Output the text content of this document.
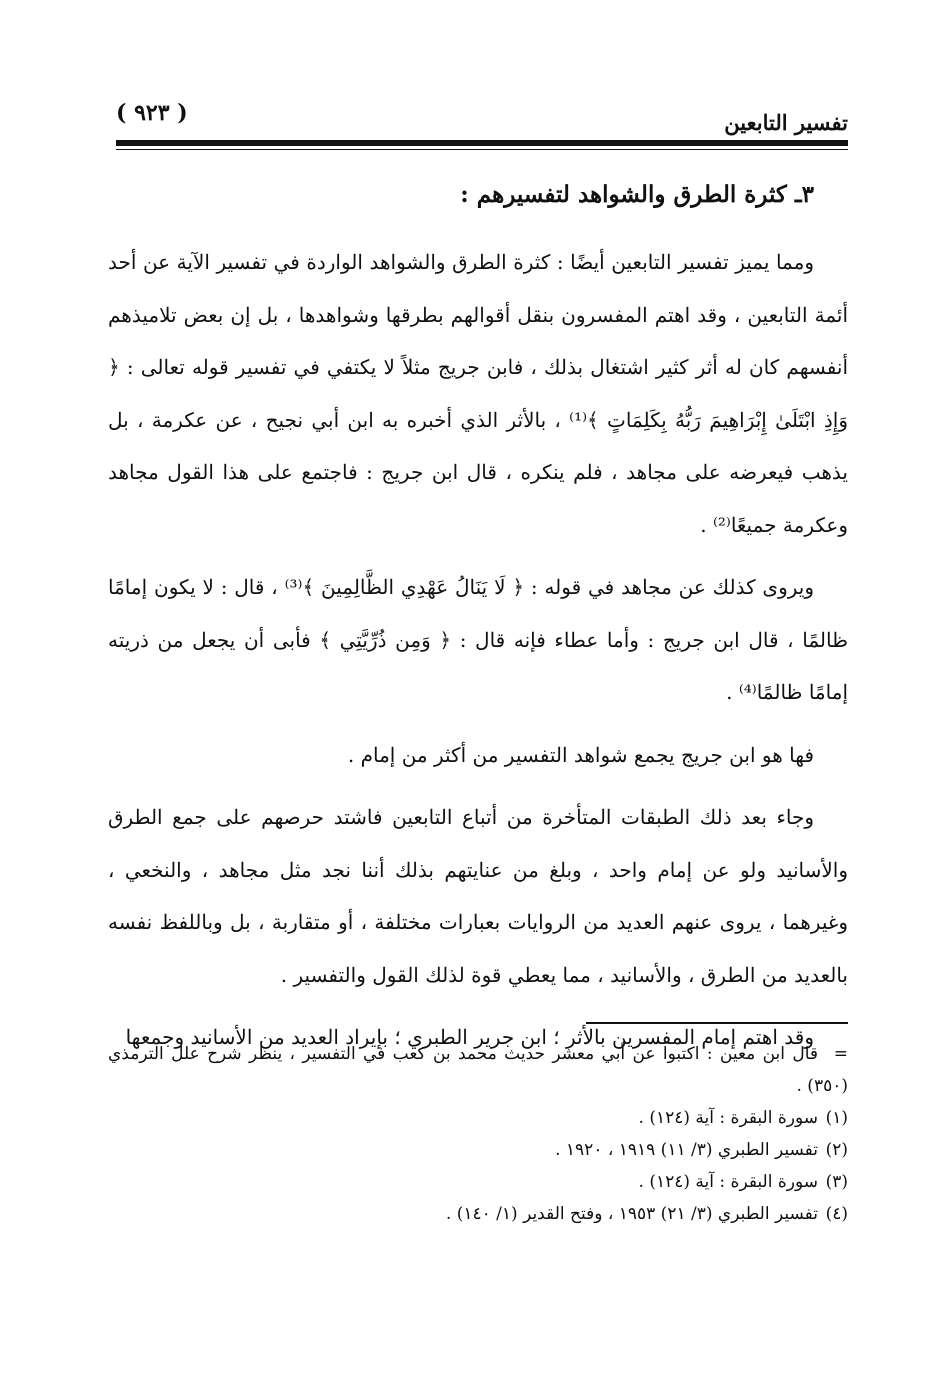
تفسير التابعين
( ٩٢٣ )
٣ـ كثرة الطرق والشواهد لتفسيرهم :

ومما يميز تفسير التابعين أيضًا : كثرة الطرق والشواهد الواردة في تفسير الآية عن أحد أئمة التابعين ، وقد اهتم المفسرون بنقل أقوالهم بطرقها وشواهدها ، بل إن بعض تلاميذهم أنفسهم كان له أثر كثير اشتغال بذلك ، فابن جريج مثلاً لا يكتفي في تفسير قوله تعالى : ﴿ وَإِذِ ابْتَلَىٰ إِبْرَاهِيمَ رَبُّهُ بِكَلِمَاتٍ ﴾⁽¹⁾ ، بالأثر الذي أخبره به ابن أبي نجيح ، عن عكرمة ، بل يذهب فيعرضه على مجاهد ، فلم ينكره ، قال ابن جريج : فاجتمع على هذا القول مجاهد وعكرمة جميعًا⁽²⁾ .

ويروى كذلك عن مجاهد في قوله : ﴿ لَا يَنَالُ عَهْدِي الظَّالِمِينَ ﴾⁽³⁾ ، قال : لا يكون إمامًا ظالمًا ، قال ابن جريج : وأما عطاء فإنه قال : ﴿ وَمِن ذُرِّيَّتِي ﴾ فأبى أن يجعل من ذريته إمامًا ظالمًا⁽⁴⁾ .

فها هو ابن جريج يجمع شواهد التفسير من أكثر من إمام .

وجاء بعد ذلك الطبقات المتأخرة من أتباع التابعين فاشتد حرصهم على جمع الطرق والأسانيد ولو عن إمام واحد ، وبلغ من عنايتهم بذلك أننا نجد مثل مجاهد ، والنخعي ، وغيرهما ، يروى عنهم العديد من الروايات بعبارات مختلفة ، أو متقاربة ، بل وباللفظ نفسه بالعديد من الطرق ، والأسانيد ، مما يعطي قوة لذلك القول والتفسير .

وقد اهتم إمام المفسرين بالأثر ؛ ابن جرير الطبري ؛ بإيراد العديد من الأسانيد وجمعها

=قال ابن معين : اكتبوا عن أبي معشر حديث محمد بن كعب في التفسير ، ينظر شرح علل الترمذي (٣٥٠) .

(١)سورة البقرة : آية (١٢٤) .

(٢)تفسير الطبري (٣/ ١١) ١٩١٩ ، ١٩٢٠ .

(٣)سورة البقرة : آية (١٢٤) .

(٤)تفسير الطبري (٣/ ٢١) ١٩٥٣ ، وفتح القدير (١/ ١٤٠) .
